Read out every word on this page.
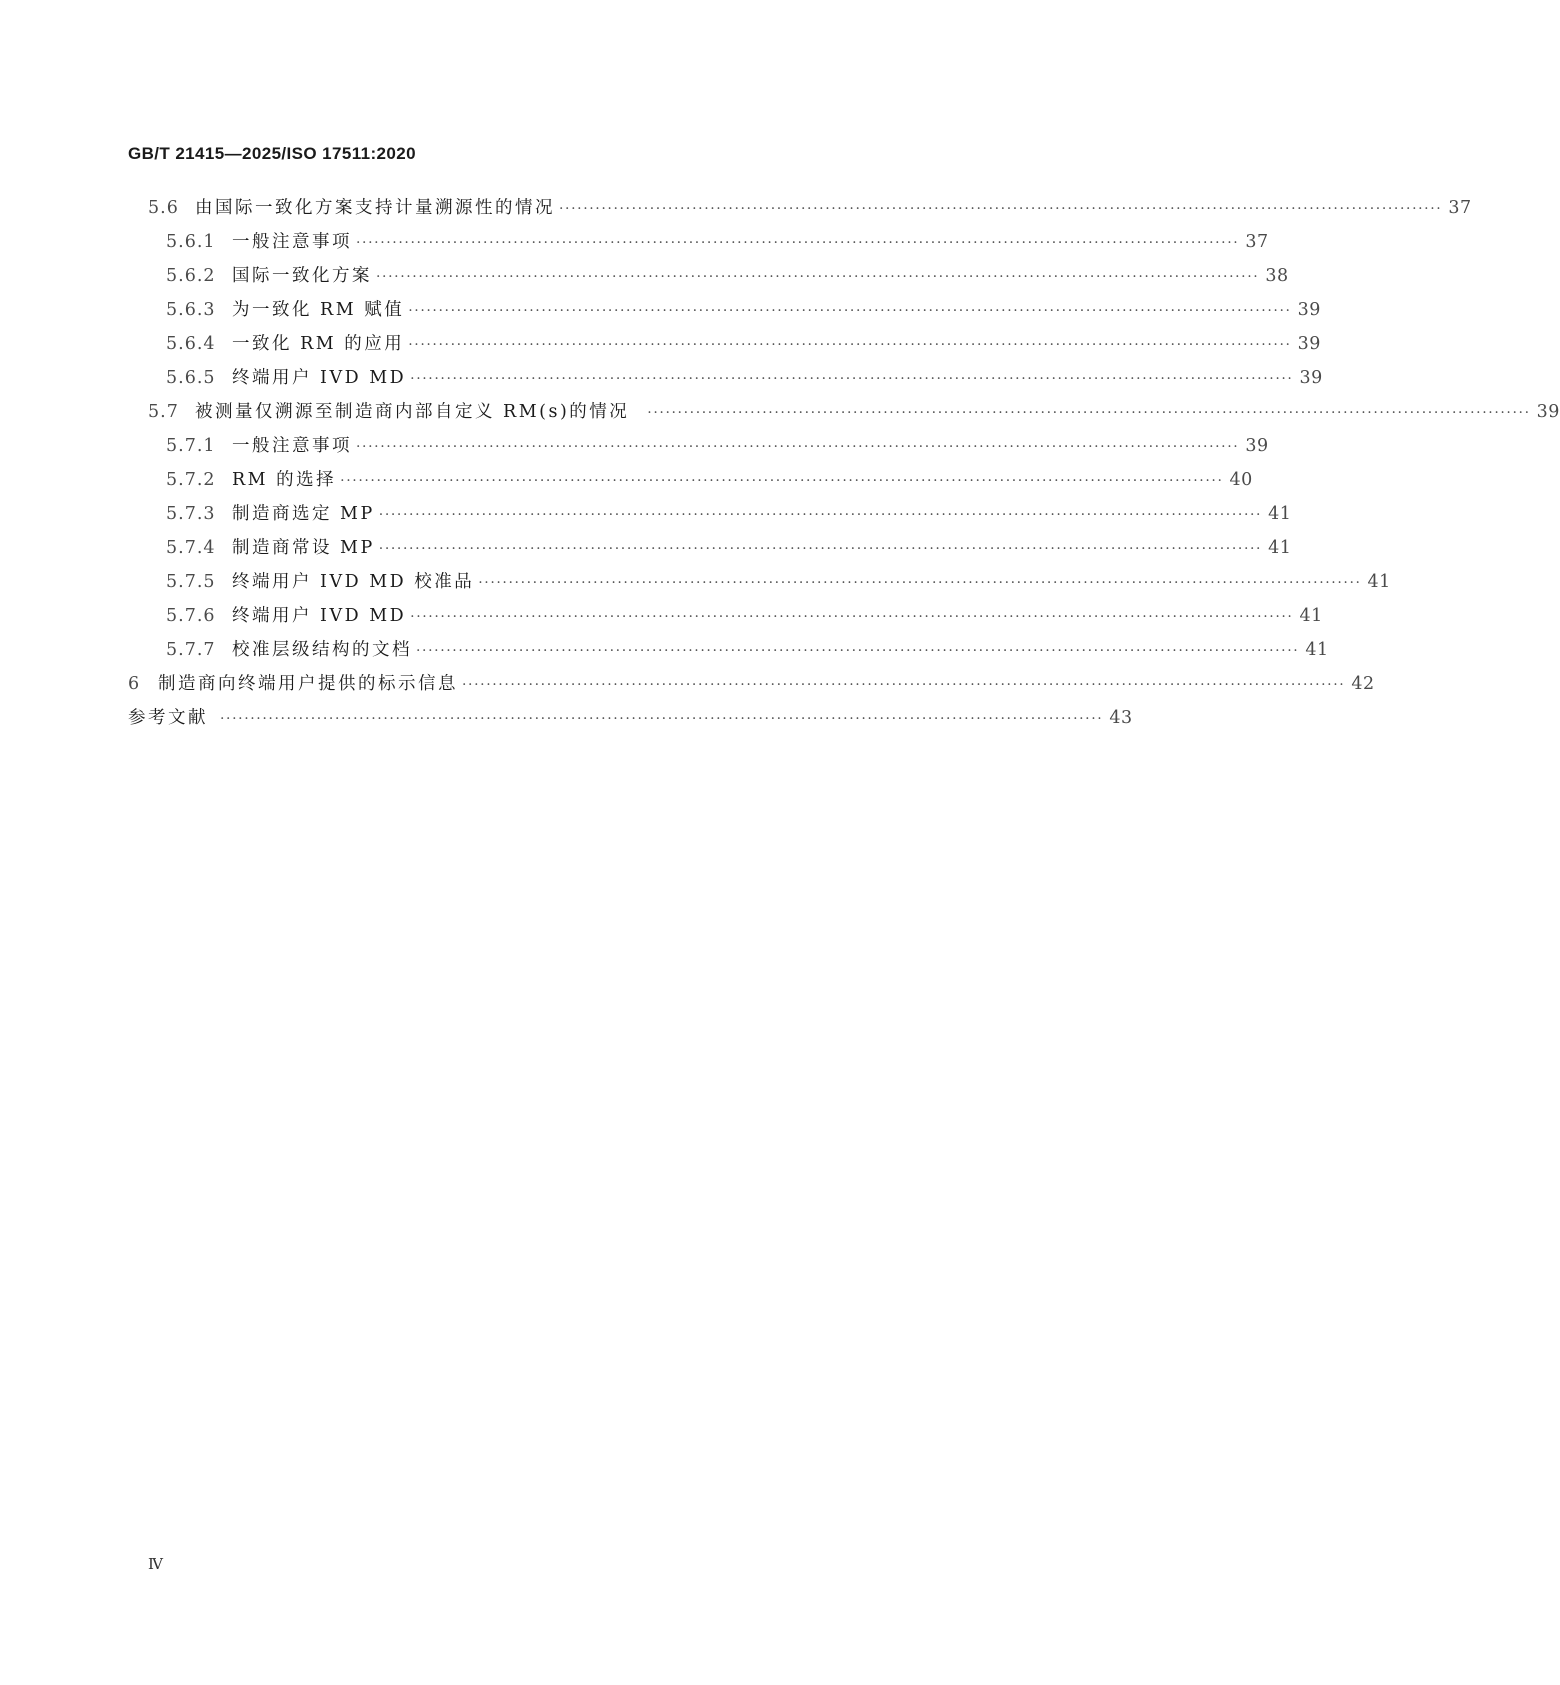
GB/T 21415—2025/ISO 17511:2020
5.6 由国际一致化方案支持计量溯源性的情况 ·················································································································································· 37
5.6.1 一般注意事项 ·················································································································································· 37
5.6.2 国际一致化方案 ·················································································································································· 38
5.6.3 为一致化 RM 赋值 ·················································································································································· 39
5.6.4 一致化 RM 的应用 ·················································································································································· 39
5.6.5 终端用户 IVD MD ·················································································································································· 39
5.7 被测量仅溯源至制造商内部自定义 RM(s)的情况 ·················································································································································· 39
5.7.1 一般注意事项 ·················································································································································· 39
5.7.2 RM 的选择 ·················································································································································· 40
5.7.3 制造商选定 MP ·················································································································································· 41
5.7.4 制造商常设 MP ·················································································································································· 41
5.7.5 终端用户 IVD MD 校准品 ·················································································································································· 41
5.7.6 终端用户 IVD MD ·················································································································································· 41
5.7.7 校准层级结构的文档 ·················································································································································· 41
6	制造商向终端用户提供的标示信息 ·················································································································································· 42
参考文献 ·················································································································································· 43
Ⅳ
